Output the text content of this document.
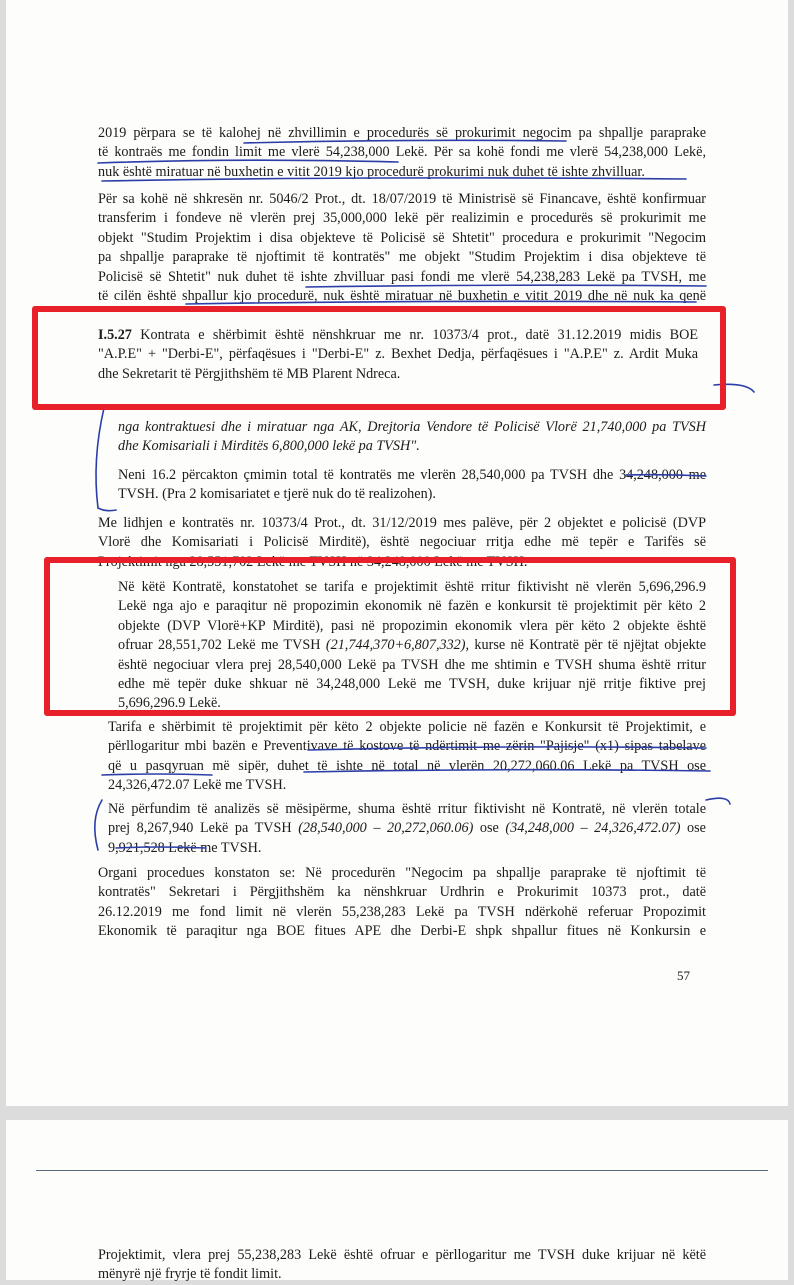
2019 përpara se të kalohej në zhvillimin e procedurës së prokurimit negocim pa shpallje paraprake
të kontraës me fondin limit me vlerë 54,238,000 Lekë. Për sa kohë fondi me vlerë 54,238,000 Lekë,
nuk është miratuar në buxhetin e vitit 2019 kjo procedurë prokurimi nuk duhet të ishte zhvilluar.
Për sa kohë në shkresën nr. 5046/2 Prot., dt. 18/07/2019 të Ministrisë së Financave, është konfirmuar
transferim i fondeve në vlerën prej 35,000,000 lekë për realizimin e procedurës së prokurimit me
objekt "Studim Projektim i disa objekteve të Policisë së Shtetit" procedura e prokurimit "Negocim
pa shpallje paraprake të njoftimit të kontratës" me objekt "Studim Projektim i disa objekteve të
Policisë së Shtetit" nuk duhet të ishte zhvilluar pasi fondi me vlerë 54,238,283 Lekë pa TVSH, me
të cilën është shpallur kjo procedurë, nuk është miratuar në buxhetin e vitit 2019 dhe në nuk ka qenë
I.5.27 Kontrata e shërbimit është nënshkruar me nr. 10373/4 prot., datë 31.12.2019 midis BOE
"A.P.E" + "Derbi-E", përfaqësues i "Derbi-E" z. Bexhet Dedja, përfaqësues i "A.P.E" z. Ardit Muka
dhe Sekretarit të Përgjithshëm të MB Plarent Ndreca.
nga kontraktuesi dhe i miratuar nga AK, Drejtoria Vendore të Policisë Vlorë 21,740,000 pa TVSH
dhe Komisariali i Mirditës 6,800,000 lekë pa TVSH".
Neni 16.2 përcakton çmimin total të kontratës me vlerën 28,540,000 pa TVSH dhe 34,248,000 me
TVSH. (Pra 2 komisariatet e tjerë nuk do të realizohen).
Me lidhjen e kontratës nr. 10373/4 Prot., dt. 31/12/2019 mes palëve, për 2 objektet e policisë (DVP
Vlorë dhe Komisariati i Policisë Mirditë), është negociuar rritja edhe më tepër e Tarifës së
Projektimit nga 28,551,702 Lekë me TVSH në 34,248,000 Lekë me TVSH.
Në këtë Kontratë, konstatohet se tarifa e projektimit është rritur fiktivisht në vlerën 5,696,296.9
Lekë nga ajo e paraqitur në propozimin ekonomik në fazën e konkursit të projektimit për këto 2
objekte (DVP Vlorë+KP Mirditë), pasi në propozimin ekonomik vlera për këto 2 objekte është
ofruar 28,551,702 Lekë me TVSH (21,744,370+6,807,332), kurse në Kontratë për të njëjtat objekte
është negociuar vlera prej 28,540,000 Lekë pa TVSH dhe me shtimin e TVSH shuma është rritur
edhe më tepër duke shkuar në 34,248,000 Lekë me TVSH, duke krijuar një rritje fiktive prej
5,696,296.9 Lekë.
Tarifa e shërbimit të projektimit për këto 2 objekte policie në fazën e Konkursit të Projektimit, e
përllogaritur mbi bazën e Preventivave të kostove të ndërtimit me zërin "Pajisje" (x1) sipas tabelave
që u pasqyruan më sipër, duhet të ishte në total në vlerën 20,272,060.06 Lekë pa TVSH ose
24,326,472.07 Lekë me TVSH.
Në përfundim të analizës së mësipërme, shuma është rritur fiktivisht në Kontratë, në vlerën totale
prej 8,267,940 Lekë pa TVSH (28,540,000 – 20,272,060.06) ose (34,248,000 – 24,326,472.07) ose
9,921,528 Lekë me TVSH.
Organi procedues konstaton se: Në procedurën "Negocim pa shpallje paraprake të njoftimit të
kontratës" Sekretari i Përgjithshëm ka nënshkruar Urdhrin e Prokurimit 10373 prot., datë
26.12.2019 me fond limit në vlerën 55,238,283 Lekë pa TVSH ndërkohë referuar Propozimit
Ekonomik të paraqitur nga BOE fitues APE dhe Derbi-E shpk shpallur fitues në Konkursin e
57
Projektimit, vlera prej 55,238,283 Lekë është ofruar e përllogaritur me TVSH duke krijuar në këtë
mënyrë një fryrje të fondit limit.
